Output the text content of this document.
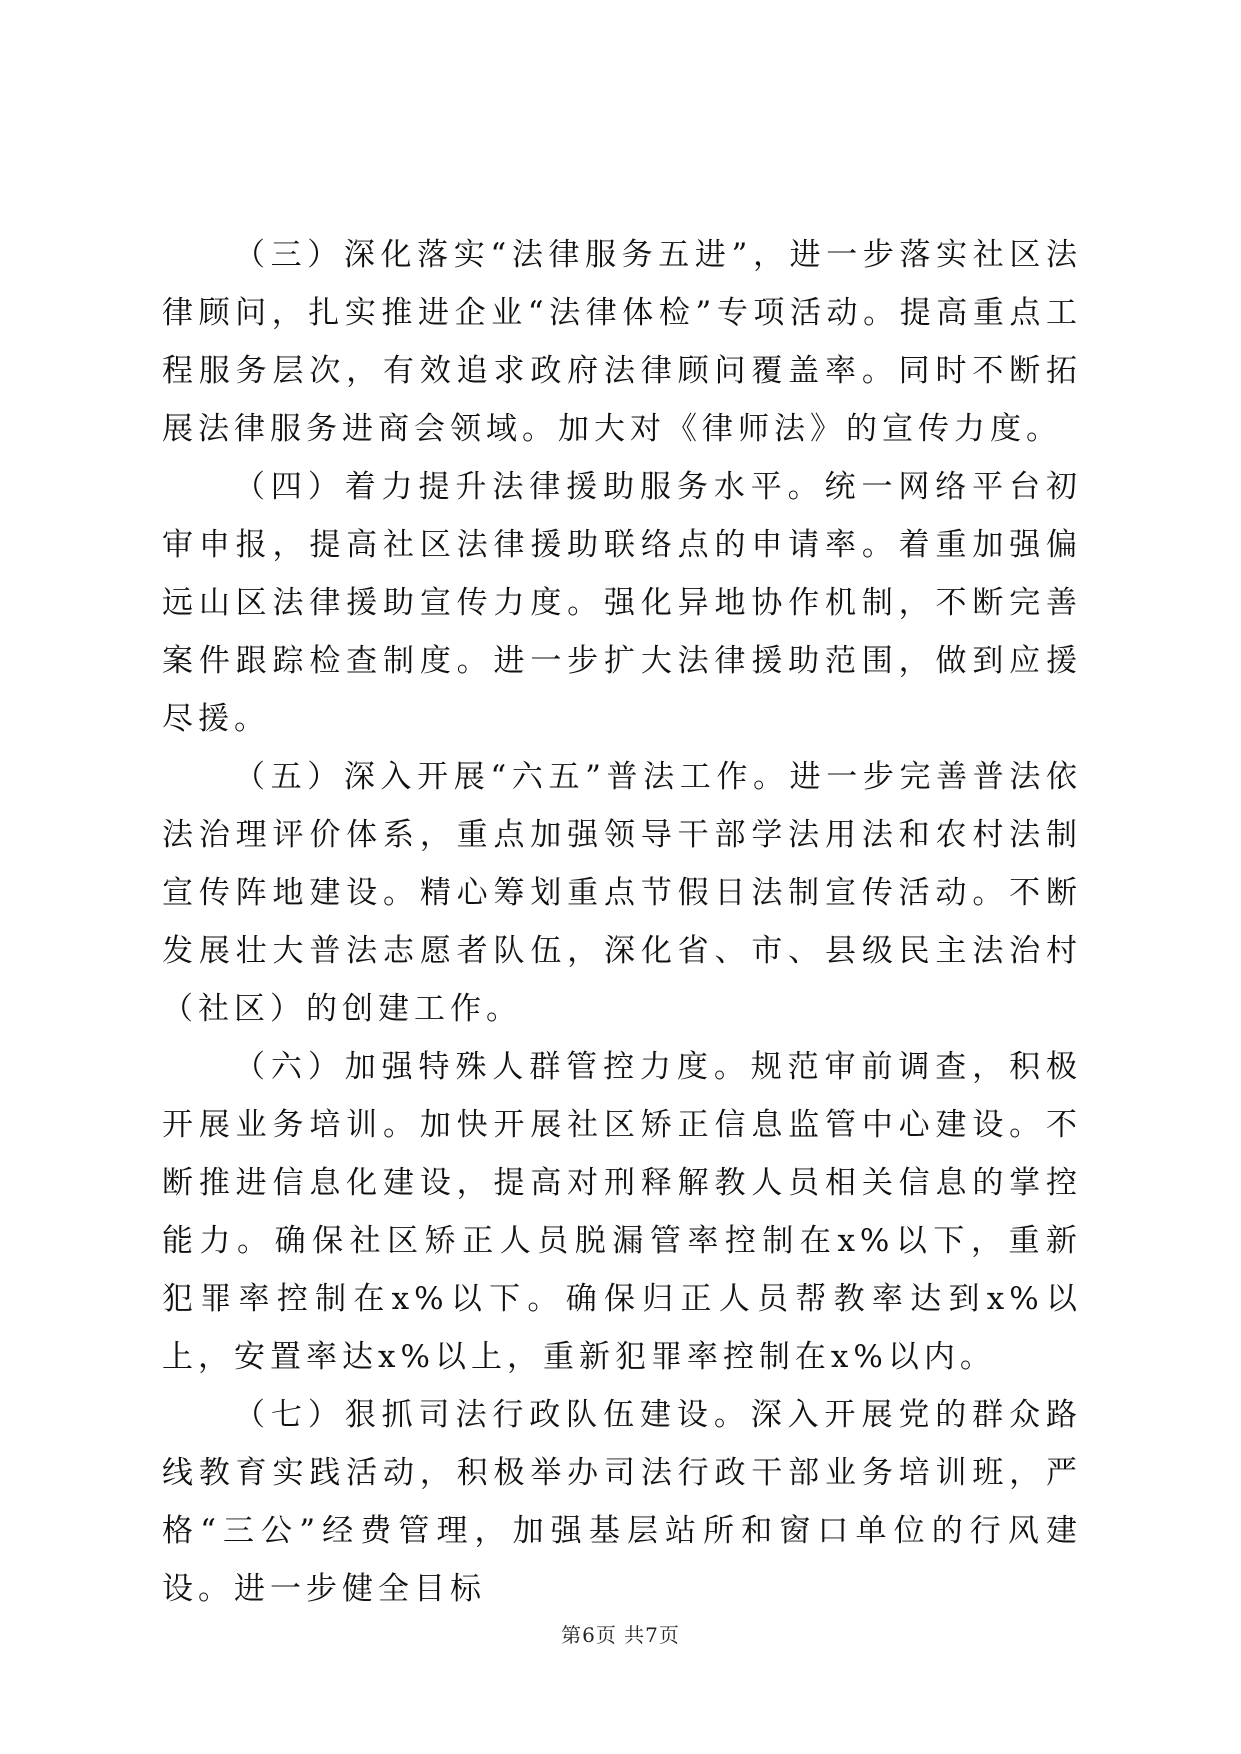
（三）深化落实“法律服务五进”，进一步落实社区法律顾问，扎实推进企业“法律体检”专项活动。提高重点工程服务层次，有效追求政府法律顾问覆盖率。同时不断拓展法律服务进商会领域。加大对《律师法》的宣传力度。

（四）着力提升法律援助服务水平。统一网络平台初审申报，提高社区法律援助联络点的申请率。着重加强偏远山区法律援助宣传力度。强化异地协作机制，不断完善案件跟踪检查制度。进一步扩大法律援助范围，做到应援尽援。

（五）深入开展“六五”普法工作。进一步完善普法依法治理评价体系，重点加强领导干部学法用法和农村法制宣传阵地建设。精心筹划重点节假日法制宣传活动。不断发展壮大普法志愿者队伍，深化省、市、县级民主法治村（社区）的创建工作。

（六）加强特殊人群管控力度。规范审前调查，积极开展业务培训。加快开展社区矫正信息监管中心建设。不断推进信息化建设，提高对刑释解教人员相关信息的掌控能力。确保社区矫正人员脱漏管率控制在x%以下，重新犯罪率控制在x%以下。确保归正人员帮教率达到x%以上，安置率达x%以上，重新犯罪率控制在x%以内。

（七）狠抓司法行政队伍建设。深入开展党的群众路线教育实践活动，积极举办司法行政干部业务培训班，严格“三公”经费管理，加强基层站所和窗口单位的行风建设。进一步健全目标

第6页 共7页
